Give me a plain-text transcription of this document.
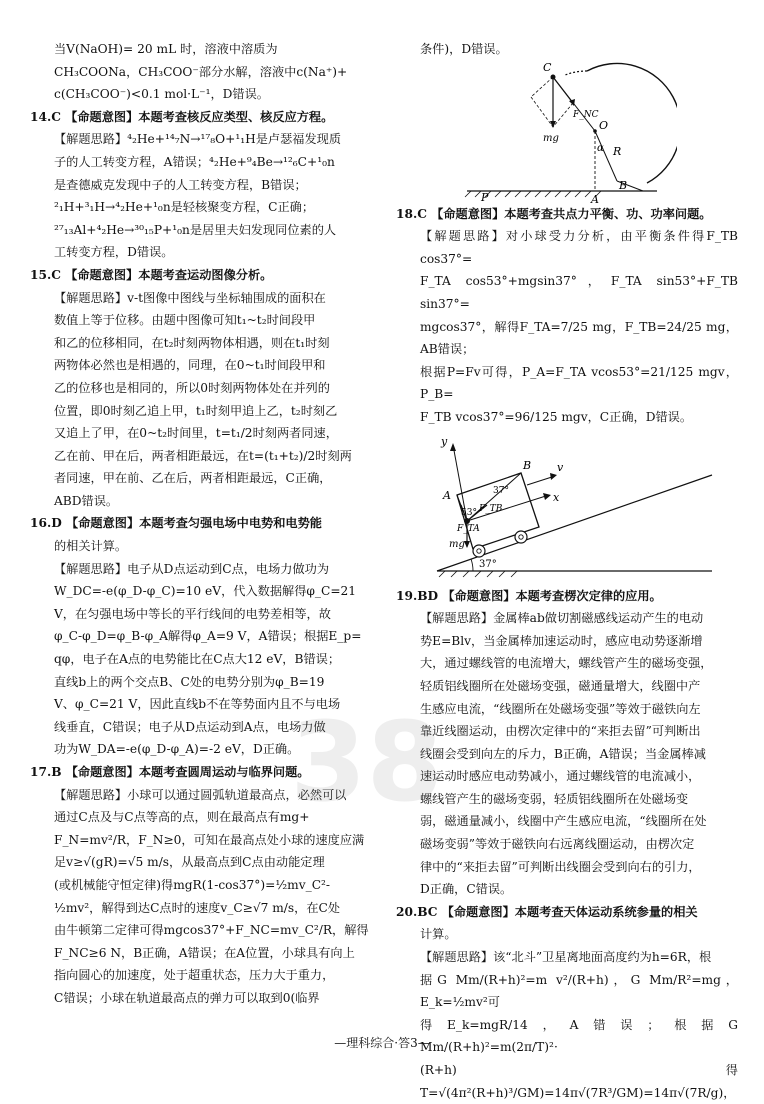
当V(NaOH)= 20 mL 时，溶液中溶质为

CH₃COONa，CH₃COO⁻部分水解，溶液中c(Na⁺)+

c(CH₃COO⁻)<0.1 mol·L⁻¹，D错误。

14.C 【命题意图】本题考查核反应类型、核反应方程。

【解题思路】⁴₂He+¹⁴₇N→¹⁷₈O+¹₁H是卢瑟福发现质

子的人工转变方程，A错误；⁴₂He+⁹₄Be→¹²₆C+¹₀n

是查德威克发现中子的人工转变方程，B错误；

²₁H+³₁H→⁴₂He+¹₀n是轻核聚变方程，C正确；

²⁷₁₃Al+⁴₂He→³⁰₁₅P+¹₀n是居里夫妇发现同位素的人

工转变方程，D错误。

15.C 【命题意图】本题考查运动图像分析。

【解题思路】v-t图像中图线与坐标轴围成的面积在

数值上等于位移。由题中图像可知t₁~t₂时间段甲

和乙的位移相同，在t₂时刻两物体相遇，则在t₁时刻

两物体必然也是相遇的，同理，在0~t₁时间段甲和

乙的位移也是相同的，所以0时刻两物体处在并列的

位置，即0时刻乙追上甲，t₁时刻甲追上乙，t₂时刻乙

又追上了甲，在0~t₂时间里，t=t₁/2时刻两者同速，

乙在前、甲在后，两者相距最远，在t=(t₁+t₂)/2时刻两

者同速，甲在前、乙在后，两者相距最远，C正确，

ABD错误。

16.D 【命题意图】本题考查匀强电场中电势和电势能

的相关计算。

【解题思路】电子从D点运动到C点，电场力做功为

W_DC=-e(φ_D-φ_C)=10 eV，代入数据解得φ_C=21

V，在匀强电场中等长的平行线间的电势差相等，故

φ_C-φ_D=φ_B-φ_A解得φ_A=9 V，A错误；根据E_p=

qφ，电子在A点的电势能比在C点大12 eV，B错误；

直线b上的两个交点B、C处的电势分别为φ_B=19

V、φ_C=21 V，因此直线b不在等势面内且不与电场

线垂直，C错误；电子从D点运动到A点，电场力做

功为W_DA=-e(φ_D-φ_A)=-2 eV，D正确。

17.B 【命题意图】本题考查圆周运动与临界问题。

【解题思路】小球可以通过圆弧轨道最高点，必然可以

通过C点及与C点等高的点，则在最高点有mg+

F_N=mv²/R，F_N≥0，可知在最高点处小球的速度应满

足v≥√(gR)=√5 m/s，从最高点到C点由动能定理

(或机械能守恒定律)得mgR(1-cos37°)=½mv_C²-

½mv²，解得到达C点时的速度v_C≥√7 m/s，在C处

由牛顿第二定律可得mgcos37°+F_NC=mv_C²/R，解得

F_NC≥6 N，B正确，A错误；在A位置，小球具有向上

指向圆心的加速度，处于超重状态，压力大于重力，

C错误；小球在轨道最高点的弹力可以取到0(临界

条件)，D错误。

C
F_NC
O
α R
mg
B
P	A

18.C 【命题意图】本题考查共点力平衡、功、功率问题。

【解题思路】对小球受力分析，由平衡条件得F_TB cos37°=

F_TA cos53°+mgsin37°，F_TA sin53°+F_TB sin37°=

mgcos37°，解得F_TA=7/25 mg，F_TB=24/25 mg，AB错误；

根据P=Fv可得，P_A=F_TA vcos53°=21/125 mgv，P_B=

F_TB vcos37°=96/125 mgv，C正确，D错误。

37°
y
B
A
53°
37°
F_TB
F_TA
v
x
mg

19.BD 【命题意图】本题考查楞次定律的应用。

【解题思路】金属棒ab做切割磁感线运动产生的电动

势E=Blv，当金属棒加速运动时，感应电动势逐渐增

大，通过螺线管的电流增大，螺线管产生的磁场变强，

轻质铝线圈所在处磁场变强，磁通量增大，线圈中产

生感应电流，“线圈所在处磁场变强”等效于磁铁向左

靠近线圈运动，由楞次定律中的“来拒去留”可判断出

线圈会受到向左的斥力，B正确，A错误；当金属棒减

速运动时感应电动势减小，通过螺线管的电流减小，

螺线管产生的磁场变弱，轻质铝线圈所在处磁场变

弱，磁通量减小，线圈中产生感应电流，“线圈所在处

磁场变弱”等效于磁铁向右远离线圈运动，由楞次定

律中的“来拒去留”可判断出线圈会受到向右的引力，

D正确，C错误。

20.BC 【命题意图】本题考查天体运动系统参量的相关

计算。

【解题思路】该“北斗”卫星离地面高度约为h=6R，根

据G Mm/(R+h)²=m v²/(R+h)，G Mm/R²=mg，E_k=½mv²可

得E_k=mgR/14，A错误；根据G Mm/(R+h)²=m(2π/T)²·

(R+h)得T=√(4π²(R+h)³/GM)=14π√(7R³/GM)=14π√(7R/g)，

38
—理科综合·答3—
